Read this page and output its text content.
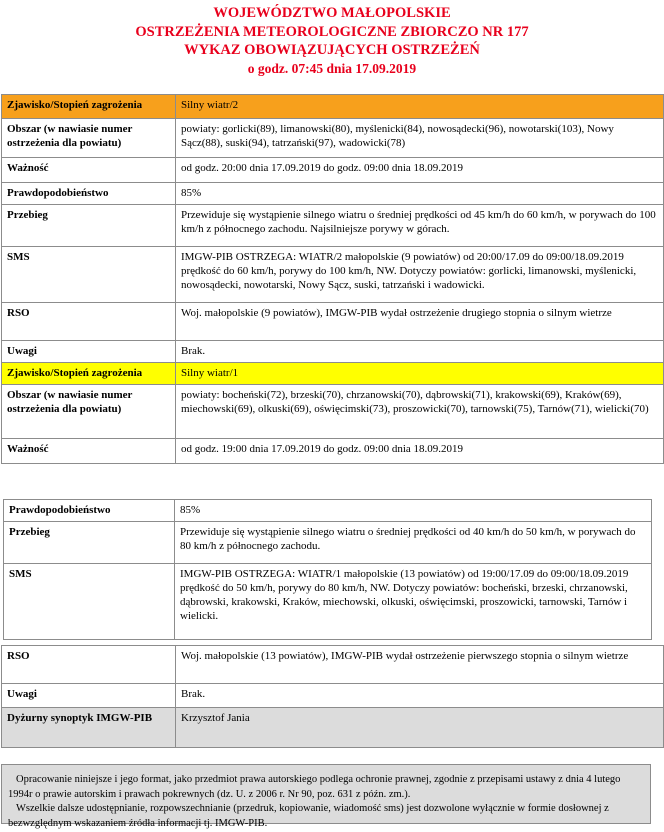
WOJEWÓDZTWO MAŁOPOLSKIE
OSTRZEŻENIA METEOROLOGICZNE ZBIORCZO NR 177
WYKAZ OBOWIĄZUJĄCYCH OSTRZEŻEŃ
o godz. 07:45 dnia 17.09.2019
Zjawisko/Stopień zagrożenia	Silny wiatr/2
Obszar (w nawiasie numer ostrzeżenia dla powiatu)	powiaty: gorlicki(89), limanowski(80), myślenicki(84), nowosądecki(96), nowotarski(103), Nowy Sącz(88), suski(94), tatrzański(97), wadowicki(78)
Ważność	od godz. 20:00 dnia 17.09.2019 do godz. 09:00 dnia 18.09.2019
Prawdopodobieństwo	85%
Przebieg	Przewiduje się wystąpienie silnego wiatru o średniej prędkości od 45 km/h do 60 km/h, w porywach do 100 km/h z północnego zachodu. Najsilniejsze porywy w górach.
SMS	IMGW-PIB OSTRZEGA: WIATR/2 małopolskie (9 powiatów) od 20:00/17.09 do 09:00/18.09.2019 prędkość do 60 km/h, porywy do 100 km/h, NW. Dotyczy powiatów: gorlicki, limanowski, myślenicki, nowosądecki, nowotarski, Nowy Sącz, suski, tatrzański i wadowicki.
RSO	Woj. małopolskie (9 powiatów), IMGW-PIB wydał ostrzeżenie drugiego stopnia o silnym wietrze
Uwagi	Brak.
Zjawisko/Stopień zagrożenia	Silny wiatr/1
Obszar (w nawiasie numer ostrzeżenia dla powiatu)	powiaty: bocheński(72), brzeski(70), chrzanowski(70), dąbrowski(71), krakowski(69), Kraków(69), miechowski(69), olkuski(69), oświęcimski(73), proszowicki(70), tarnowski(75), Tarnów(71), wielicki(70)
Ważność	od godz. 19:00 dnia 17.09.2019 do godz. 09:00 dnia 18.09.2019
Prawdopodobieństwo	85%
Przebieg	Przewiduje się wystąpienie silnego wiatru o średniej prędkości od 40 km/h do 50 km/h, w porywach do 80 km/h z północnego zachodu.
SMS	IMGW-PIB OSTRZEGA: WIATR/1 małopolskie (13 powiatów) od 19:00/17.09 do 09:00/18.09.2019 prędkość do 50 km/h, porywy do 80 km/h, NW. Dotyczy powiatów: bocheński, brzeski, chrzanowski, dąbrowski, krakowski, Kraków, miechowski, olkuski, oświęcimski, proszowicki, tarnowski, Tarnów i wielicki.
RSO	Woj. małopolskie (13 powiatów), IMGW-PIB wydał ostrzeżenie pierwszego stopnia o silnym wietrze
Uwagi	Brak.
Dyżurny synoptyk IMGW-PIB	Krzysztof Jania

Opracowanie niniejsze i jego format, jako przedmiot prawa autorskiego podlega ochronie prawnej, zgodnie z przepisami ustawy z dnia 4 lutego 1994r o prawie autorskim i prawach pokrewnych (dz. U. z 2006 r. Nr 90, poz. 631 z późn. zm.).

Wszelkie dalsze udostępnianie, rozpowszechnianie (przedruk, kopiowanie, wiadomość sms) jest dozwolone wyłącznie w formie dosłownej z bezwzględnym wskazaniem źródła informacji tj. IMGW-PIB.
